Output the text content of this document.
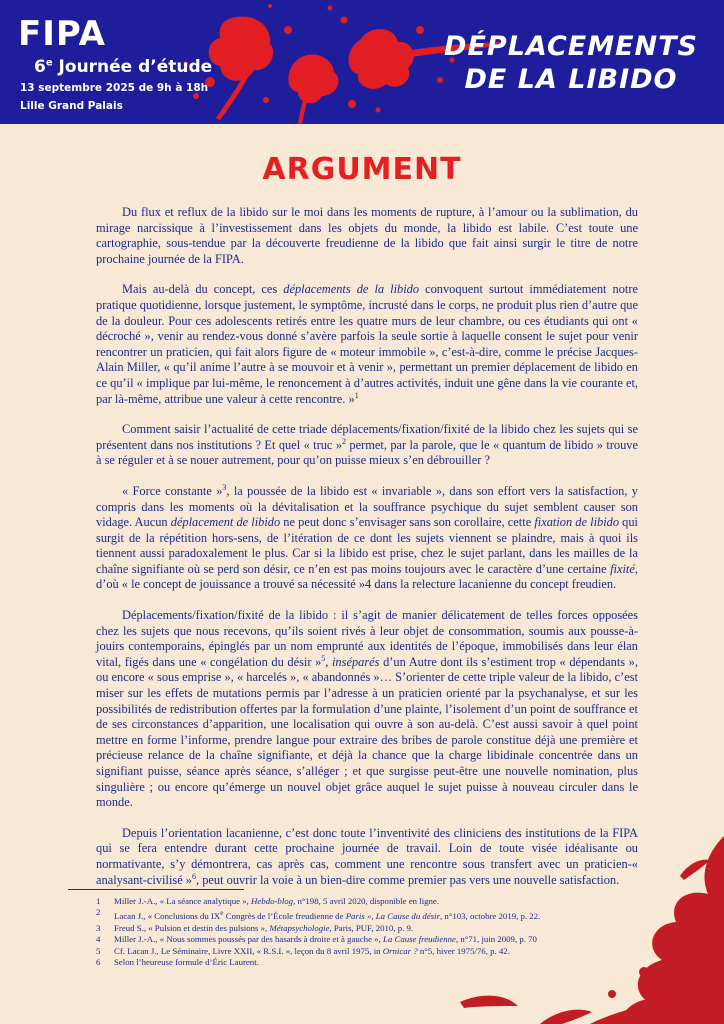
FIPA
6e Journée d’étude
13 septembre 2025 de 9h à 18h
Lille Grand Palais
DÉPLACEMENTS
DE LA LIBIDO
ARGUMENT

Du flux et reflux de la libido sur le moi dans les moments de rupture, à l’amour ou la sublimation, du mirage narcissique à l’investissement dans les objets du monde, la libido est labile. C’est toute une cartographie, sous-tendue par la découverte freudienne de la libido que fait ainsi surgir le titre de notre prochaine journée de la FIPA.

Mais au-delà du concept, ces déplacements de la libido convoquent surtout immédiatement notre pratique quotidienne, lorsque justement, le symptôme, incrusté dans le corps, ne produit plus rien d’autre que de la douleur. Pour ces adolescents retirés entre les quatre murs de leur chambre, ou ces étudiants qui ont « décroché », venir au rendez-vous donné s’avère parfois la seule sortie à laquelle consent le sujet pour venir rencontrer un praticien, qui fait alors figure de « moteur immobile », c’est-à-dire, comme le précise Jacques-Alain Miller, « qu’il anime l’autre à se mouvoir et à venir », permettant un premier déplacement de libido en ce qu’il « implique par lui-même, le renoncement à d’autres activités, induit une gêne dans la vie courante et, par là-même, attribue une valeur à cette rencontre. »$^1$

Comment saisir l’actualité de cette triade déplacements/fixation/fixité de la libido chez les sujets qui se présentent dans nos institutions ? Et quel « truc »$^2$ permet, par la parole, que le « quantum de libido » trouve à se réguler et à se nouer autrement, pour qu’on puisse mieux s’en débrouiller ?

« Force constante »$^3$, la poussée de la libido est « invariable », dans son effort vers la satisfaction, y compris dans les moments où la dévitalisation et la souffrance psychique du sujet semblent causer son vidage. Aucun déplacement de libido ne peut donc s’envisager sans son corollaire, cette fixation de libido qui surgit de la répétition hors-sens, de l’itération de ce dont les sujets viennent se plaindre, mais à quoi ils tiennent aussi paradoxalement le plus. Car si la libido est prise, chez le sujet parlant, dans les mailles de la chaîne signifiante où se perd son désir, ce n’en est pas moins toujours avec le caractère d’une certaine fixité, d’où « le concept de jouissance a trouvé sa nécessité »4 dans la relecture lacanienne du concept freudien.

Déplacements/fixation/fixité de la libido : il s’agit de manier délicatement de telles forces opposées chez les sujets que nous recevons, qu’ils soient rivés à leur objet de consommation, soumis aux pousse-à-jouirs contemporains, épinglés par un nom emprunté aux identités de l’époque, immobilisés dans leur élan vital, figés dans une « congélation du désir »$^5$, inséparés d’un Autre dont ils s’estiment trop « dépendants », ou encore « sous emprise », « harcelés », « abandonnés »… S’orienter de cette triple valeur de la libido, c’est miser sur les effets de mutations permis par l’adresse à un praticien orienté par la psychanalyse, et sur les possibilités de redistribution offertes par la formulation d’une plainte, l’isolement d’un point de souffrance et de ses circonstances d’apparition, une localisation qui ouvre à son au-delà. C’est aussi savoir à quel point mettre en forme l’informe, prendre langue pour extraire des bribes de parole constitue déjà une première et précieuse relance de la chaîne signifiante, et déjà la chance que la charge libidinale concentrée dans un signifiant puisse, séance après séance, s’alléger ; et que surgisse peut-être une nouvelle nomination, plus singulière ; ou encore qu’émerge un nouvel objet grâce auquel le sujet puisse à nouveau circuler dans le monde.

Depuis l’orientation lacanienne, c’est donc toute l’inventivité des cliniciens des institutions de la FIPA qui se fera entendre durant cette prochaine journée de travail. Loin de toute visée idéalisante ou normativante, s’y démontrera, cas après cas, comment une rencontre sous transfert avec un praticien-« analysant-civilisé »$^6$, peut ouvrir la voie à un bien-dire comme premier pas vers une nouvelle satisfaction.

1 Miller J.-A., « La séance analytique », Hebdo-blog, n°198, 5 avril 2020, disponible en ligne.
2 Lacan J., « Conclusions du IXe Congrès de l’École freudienne de Paris », La Cause du désir, n°103, octobre 2019, p. 22.
3 Freud S., « Pulsion et destin des pulsions », Métapsychologie, Paris, PUF, 2010, p. 9.
4 Miller J.-A., « Nous sommes poussés par des hasards à droite et à gauche », La Cause freudienne, n°71, juin 2009, p. 70
5 Cf. Lacan J., Le Séminaire, Livre XXII, « R.S.I. », leçon du 8 avril 1975, in Ornicar ? n°5, hiver 1975/76, p. 42.
6 Selon l’heureuse formule d’Éric Laurent.
